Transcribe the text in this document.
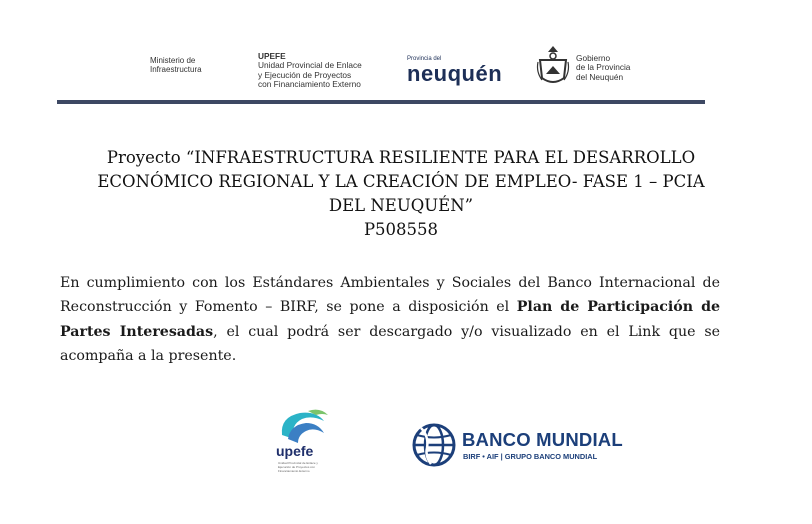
Ministerio de
Infraestructura
UPEFE
Unidad Provincial de Enlace
y Ejecución de Proyectos
con Financiamiento Externo
Provincia del
neuquén
Gobierno
de la Provincia
del Neuquén
Proyecto “INFRAESTRUCTURA RESILIENTE PARA EL DESARROLLO
ECONÓMICO REGIONAL Y LA CREACIÓN DE EMPLEO- FASE 1 – PCIA
DEL NEUQUÉN”
P508558
En cumplimiento con los Estándares Ambientales y Sociales del Banco Internacional de Reconstrucción y Fomento – BIRF, se pone a disposición el Plan de Participación de Partes Interesadas, el cual podrá ser descargado y/o visualizado en el Link que se acompaña a la presente.
upefe
Unidad Provincial de Enlace y Ejecución de Proyectos con Financiamiento Externo
BANCO MUNDIAL
BIRF • AIF | GRUPO BANCO MUNDIAL
